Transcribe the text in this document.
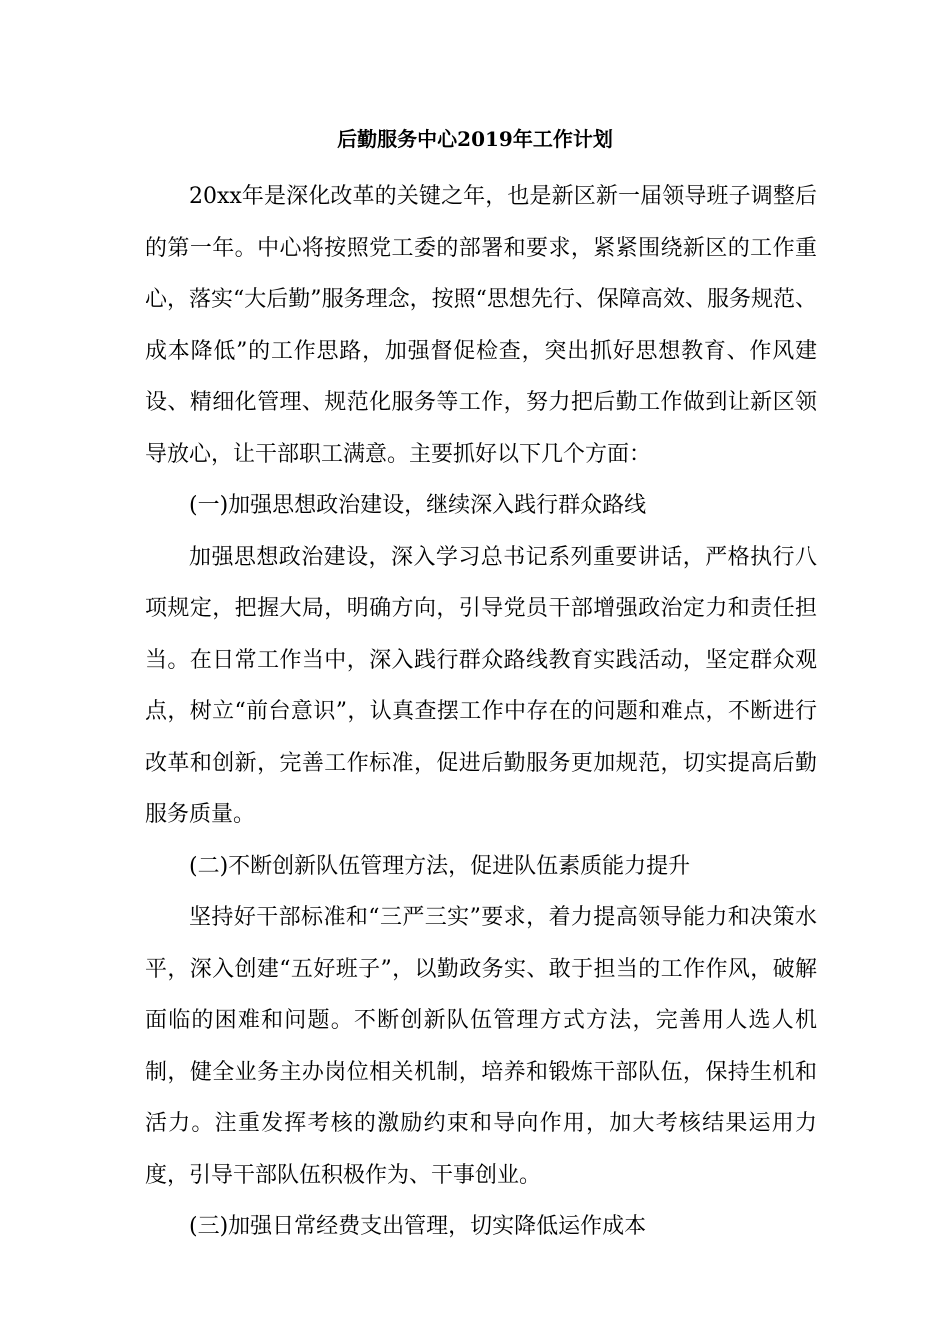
后勤服务中心2019年工作计划

20xx年是深化改革的关键之年，也是新区新一届领导班子调整后的第一年。中心将按照党工委的部署和要求，紧紧围绕新区的工作重心，落实“大后勤”服务理念，按照“思想先行、保障高效、服务规范、成本降低”的工作思路，加强督促检查，突出抓好思想教育、作风建设、精细化管理、规范化服务等工作，努力把后勤工作做到让新区领导放心，让干部职工满意。主要抓好以下几个方面：

(一)加强思想政治建设，继续深入践行群众路线

加强思想政治建设，深入学习总书记系列重要讲话，严格执行八项规定，把握大局，明确方向，引导党员干部增强政治定力和责任担当。在日常工作当中，深入践行群众路线教育实践活动，坚定群众观点，树立“前台意识”，认真查摆工作中存在的问题和难点，不断进行改革和创新，完善工作标准，促进后勤服务更加规范，切实提高后勤服务质量。

(二)不断创新队伍管理方法，促进队伍素质能力提升

坚持好干部标准和“三严三实”要求，着力提高领导能力和决策水平，深入创建“五好班子”，以勤政务实、敢于担当的工作作风，破解面临的困难和问题。不断创新队伍管理方式方法，完善用人选人机制，健全业务主办岗位相关机制，培养和锻炼干部队伍，保持生机和活力。注重发挥考核的激励约束和导向作用，加大考核结果运用力度，引导干部队伍积极作为、干事创业。

(三)加强日常经费支出管理，切实降低运作成本
